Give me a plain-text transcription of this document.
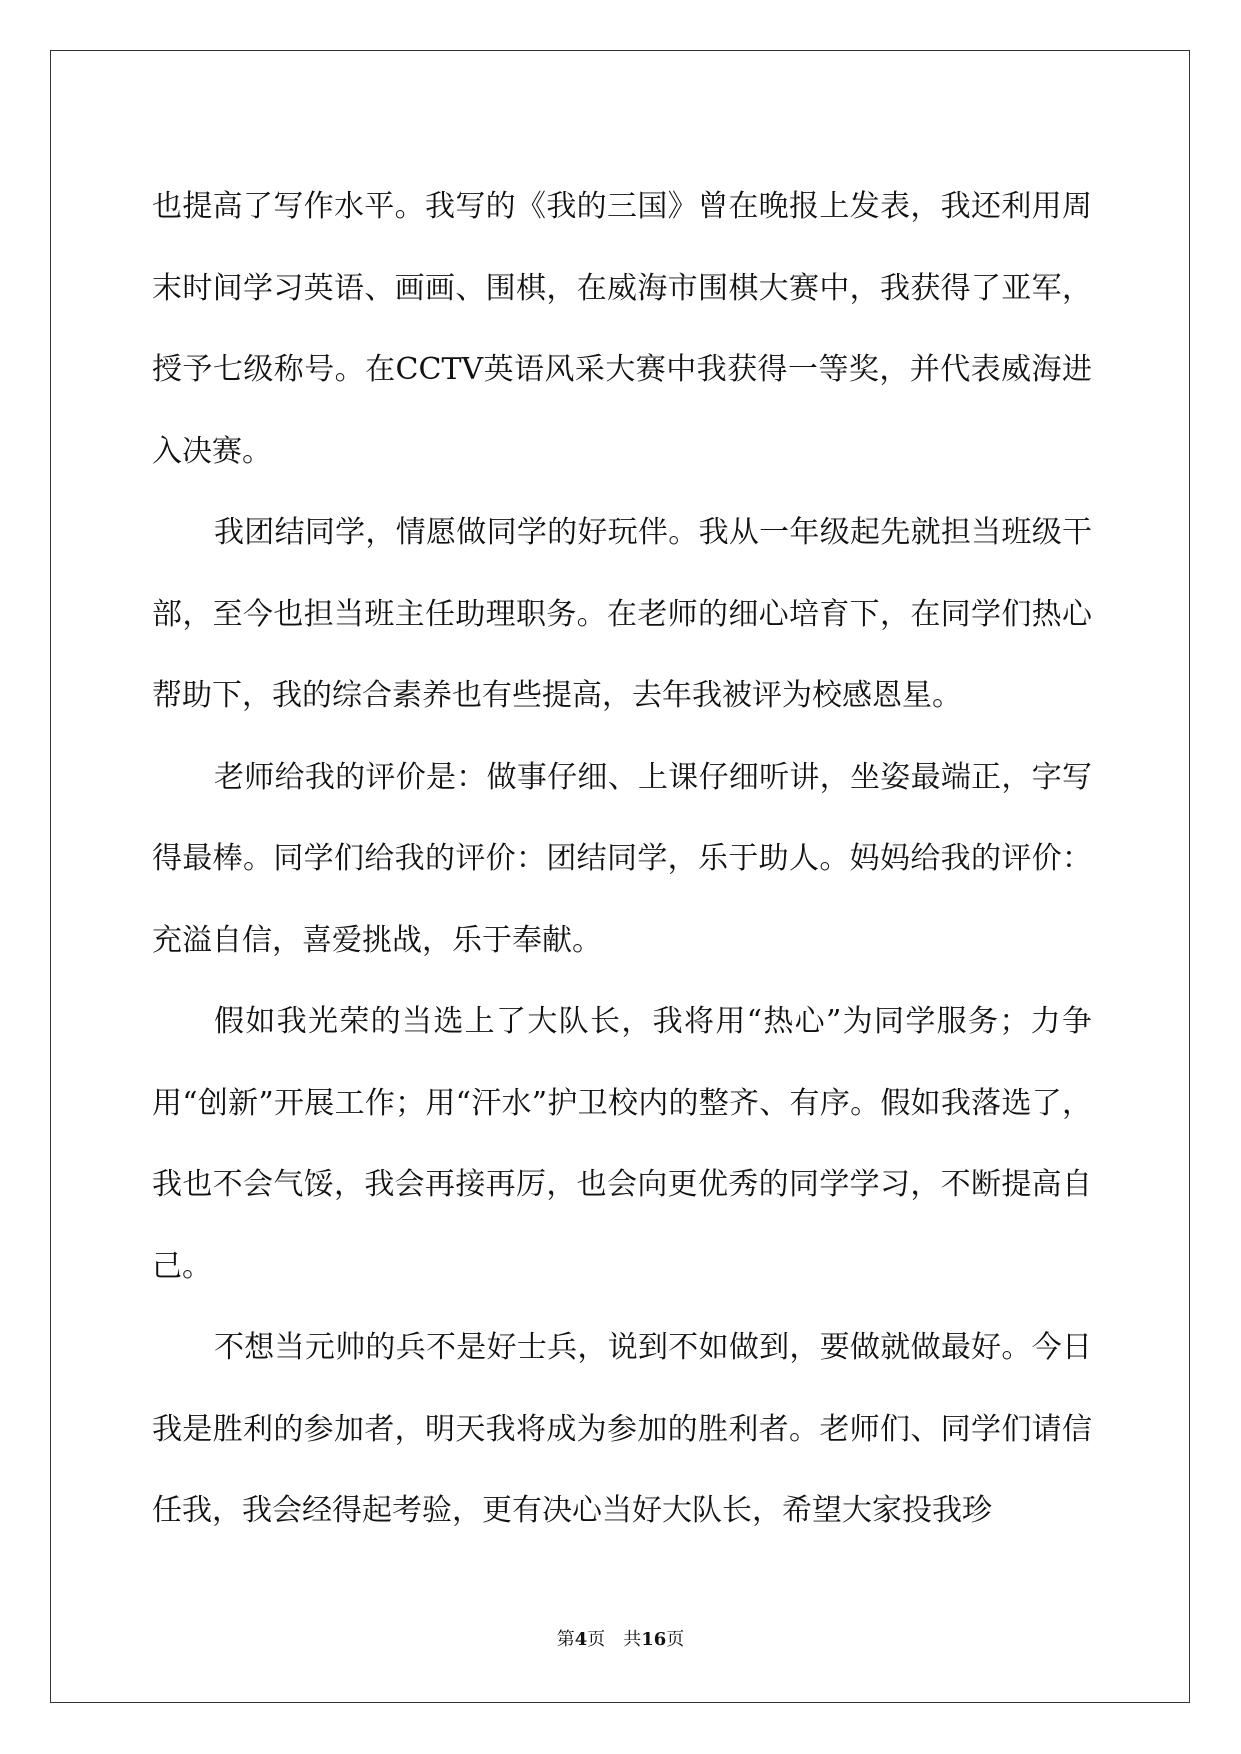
也提高了写作水平。我写的《我的三国》曾在晚报上发表，我还利用周末时间学习英语、画画、围棋，在威海市围棋大赛中，我获得了亚军，授予七级称号。在CCTV英语风采大赛中我获得一等奖，并代表威海进入决赛。

我团结同学，情愿做同学的好玩伴。我从一年级起先就担当班级干部，至今也担当班主任助理职务。在老师的细心培育下，在同学们热心帮助下，我的综合素养也有些提高，去年我被评为校感恩星。

老师给我的评价是：做事仔细、上课仔细听讲，坐姿最端正，字写得最棒。同学们给我的评价：团结同学，乐于助人。妈妈给我的评价：充溢自信，喜爱挑战，乐于奉献。

假如我光荣的当选上了大队长，我将用“热心”为同学服务；力争用“创新”开展工作；用“汗水”护卫校内的整齐、有序。假如我落选了，我也不会气馁，我会再接再厉，也会向更优秀的同学学习，不断提高自己。

不想当元帅的兵不是好士兵，说到不如做到，要做就做最好。今日我是胜利的参加者，明天我将成为参加的胜利者。老师们、同学们请信任我，我会经得起考验，更有决心当好大队长，希望大家投我珍

第4页 共16页
